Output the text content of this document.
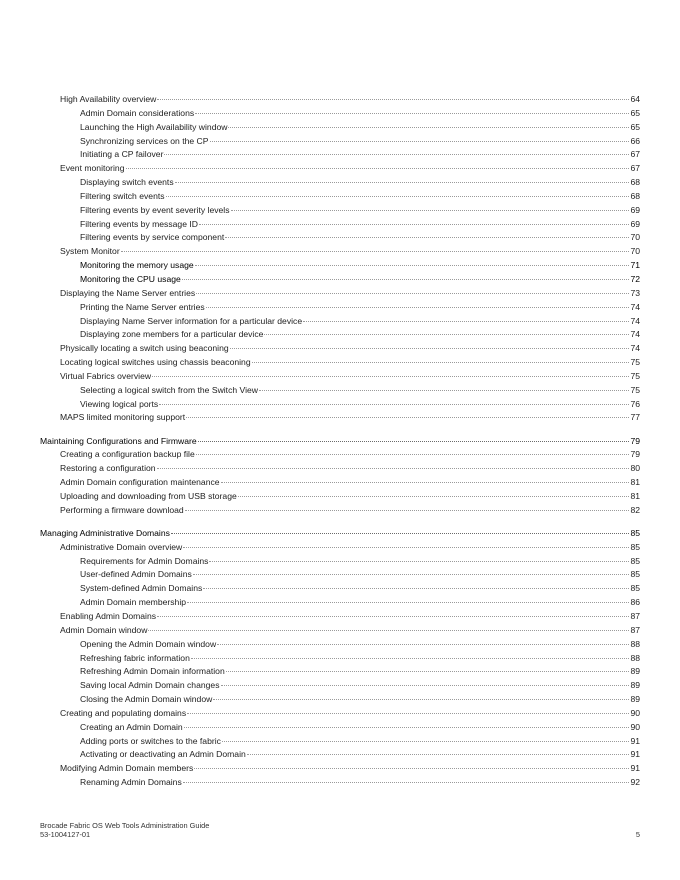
High Availability overview	64
Admin Domain considerations	65
Launching the High Availability window	65
Synchronizing services on the CP	66
Initiating a CP failover	67
Event monitoring	67
Displaying switch events	68
Filtering switch events	68
Filtering events by event severity levels	69
Filtering events by message ID	69
Filtering events by service component	70
System Monitor	70
Monitoring the memory usage	71
Monitoring the CPU usage	72
Displaying the Name Server entries	73
Printing the Name Server entries	74
Displaying Name Server information for a particular device	74
Displaying zone members for a particular device	74
Physically locating a switch using beaconing	74
Locating logical switches using chassis beaconing	75
Virtual Fabrics overview	75
Selecting a logical switch from the Switch View	75
Viewing logical ports	76
MAPS limited monitoring support	77
Maintaining Configurations and Firmware	79
Creating a configuration backup file	79
Restoring a configuration	80
Admin Domain configuration maintenance	81
Uploading and downloading from USB storage	81
Performing a firmware download	82
Managing Administrative Domains	85
Administrative Domain overview	85
Requirements for Admin Domains	85
User-defined Admin Domains	85
System-defined Admin Domains	85
Admin Domain membership	86
Enabling Admin Domains	87
Admin Domain window	87
Opening the Admin Domain window	88
Refreshing fabric information	88
Refreshing Admin Domain information	89
Saving local Admin Domain changes	89
Closing the Admin Domain window	89
Creating and populating domains	90
Creating an Admin Domain	90
Adding ports or switches to the fabric	91
Activating or deactivating an Admin Domain	91
Modifying Admin Domain members	91
Renaming Admin Domains	92
Brocade Fabric OS Web Tools Administration Guide
53-1004127-01	5
